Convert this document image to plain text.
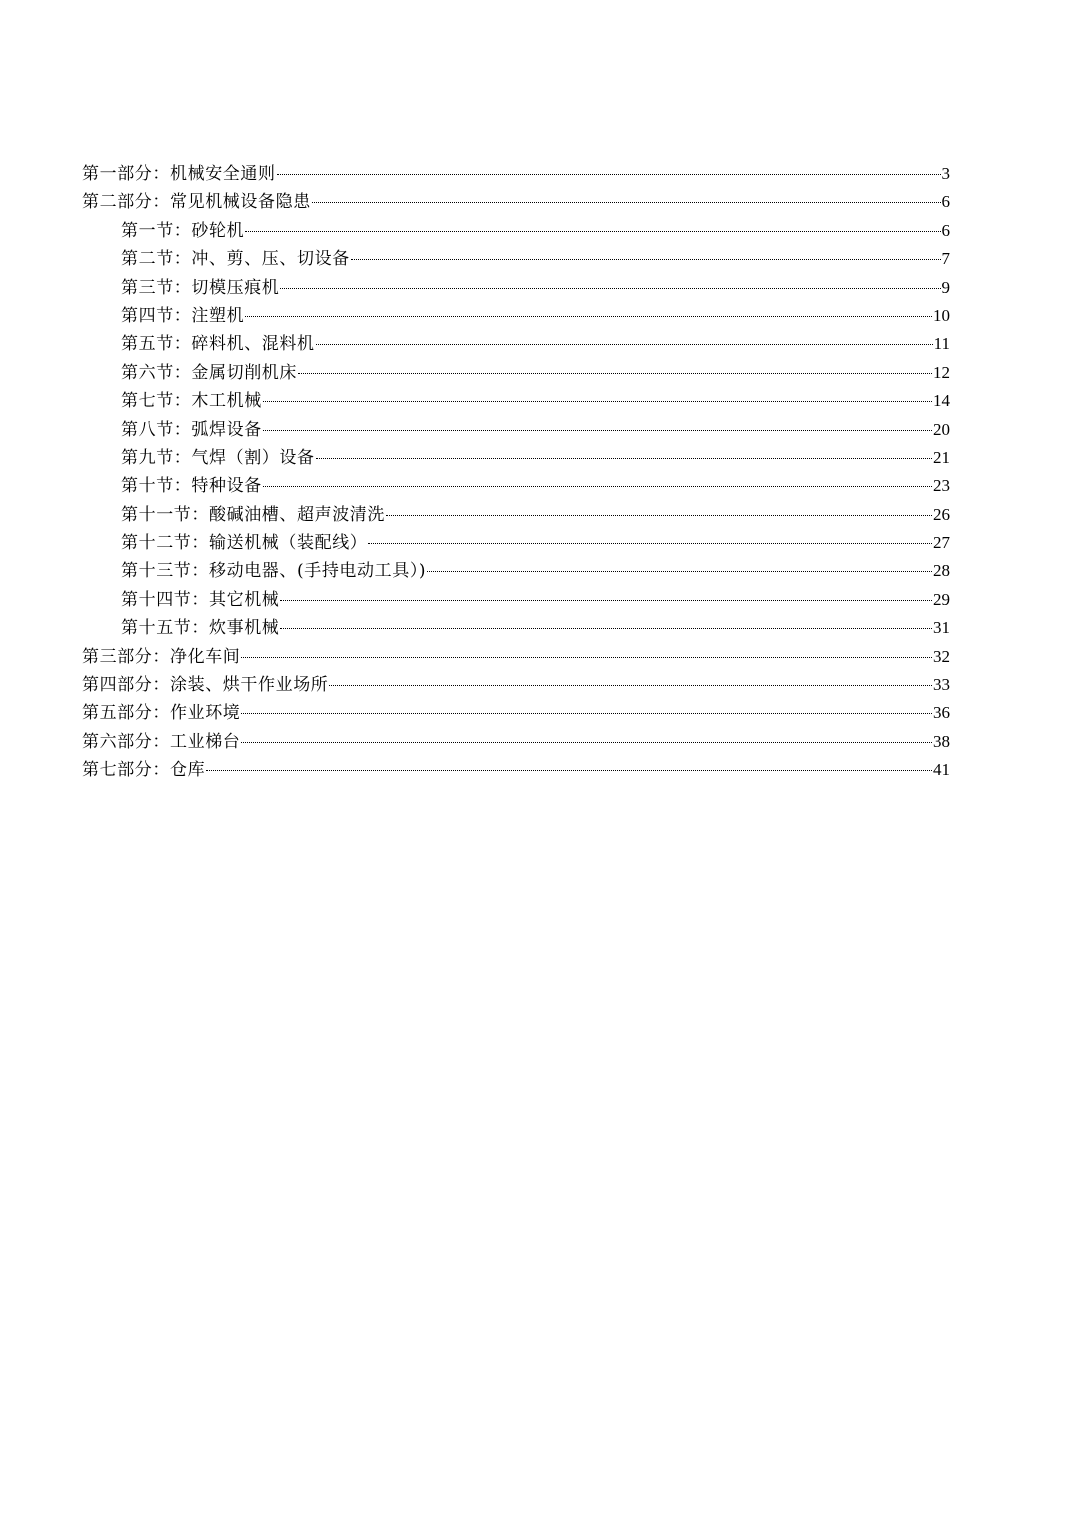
第一部分：机械安全通则	3
第二部分：常见机械设备隐患	6
第一节：砂轮机	6
第二节：冲、剪、压、切设备	7
第三节：切模压痕机	9
第四节：注塑机	10
第五节：碎料机、混料机	11
第六节：金属切削机床	12
第七节：木工机械	14
第八节：弧焊设备	20
第九节：气焊（割）设备	21
第十节：特种设备	23
第十一节：酸碱油槽、超声波清洗	26
第十二节：输送机械（装配线）	27
第十三节：移动电器、(手持电动工具）)	28
第十四节：其它机械	29
第十五节：炊事机械	31
第三部分：净化车间	32
第四部分：涂装、烘干作业场所	33
第五部分：作业环境	36
第六部分：工业梯台	38
第七部分：仓库	41
